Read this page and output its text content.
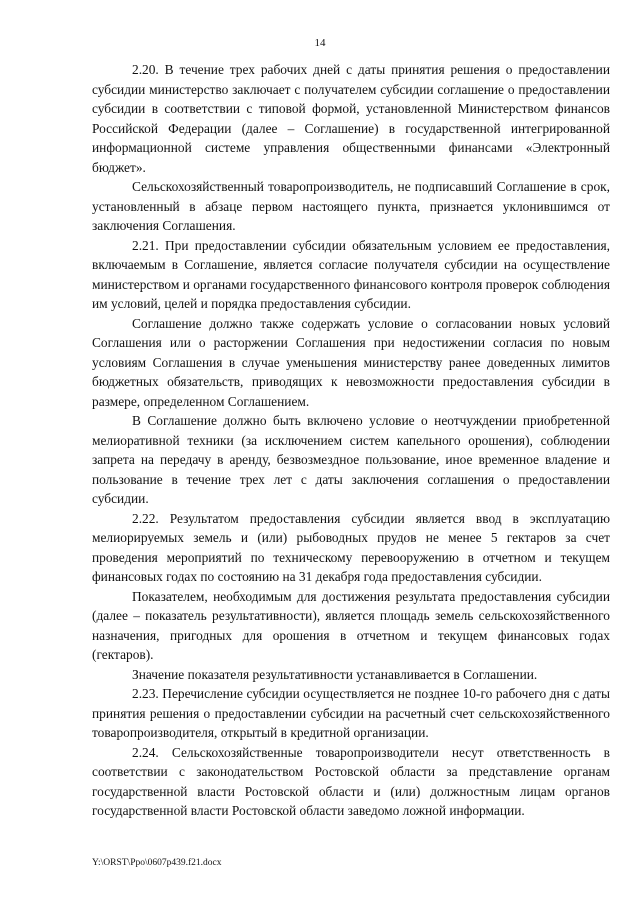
14

2.20. В течение трех рабочих дней с даты принятия решения о предоставлении субсидии министерство заключает с получателем субсидии соглашение о предоставлении субсидии в соответствии с типовой формой, установленной Министерством финансов Российской Федерации (далее – Соглашение) в государственной интегрированной информационной системе управления общественными финансами «Электронный бюджет».

Сельскохозяйственный товаропроизводитель, не подписавший Соглашение в срок, установленный в абзаце первом настоящего пункта, признается уклонившимся от заключения Соглашения.

2.21. При предоставлении субсидии обязательным условием ее предоставления, включаемым в Соглашение, является согласие получателя субсидии на осуществление министерством и органами государственного финансового контроля проверок соблюдения им условий, целей и порядка предоставления субсидии.

Соглашение должно также содержать условие о согласовании новых условий Соглашения или о расторжении Соглашения при недостижении согласия по новым условиям Соглашения в случае уменьшения министерству ранее доведенных лимитов бюджетных обязательств, приводящих к невозможности предоставления субсидии в размере, определенном Соглашением.

В Соглашение должно быть включено условие о неотчуждении приобретенной мелиоративной техники (за исключением систем капельного орошения), соблюдении запрета на передачу в аренду, безвозмездное пользование, иное временное владение и пользование в течение трех лет с даты заключения соглашения о предоставлении субсидии.

2.22. Результатом предоставления субсидии является ввод в эксплуатацию мелиорируемых земель и (или) рыбоводных прудов не менее 5 гектаров за счет проведения мероприятий по техническому перевооружению в отчетном и текущем финансовых годах по состоянию на 31 декабря года предоставления субсидии.

Показателем, необходимым для достижения результата предоставления субсидии (далее – показатель результативности), является площадь земель сельскохозяйственного назначения, пригодных для орошения в отчетном и текущем финансовых годах (гектаров).

Значение показателя результативности устанавливается в Соглашении.

2.23. Перечисление субсидии осуществляется не позднее 10-го рабочего дня с даты принятия решения о предоставлении субсидии на расчетный счет сельскохозяйственного товаропроизводителя, открытый в кредитной организации.

2.24. Сельскохозяйственные товаропроизводители несут ответственность в соответствии с законодательством Ростовской области за представление органам государственной власти Ростовской области и (или) должностным лицам органов государственной власти Ростовской области заведомо ложной информации.

Y:\ORST\Ppo\0607p439.f21.docx
